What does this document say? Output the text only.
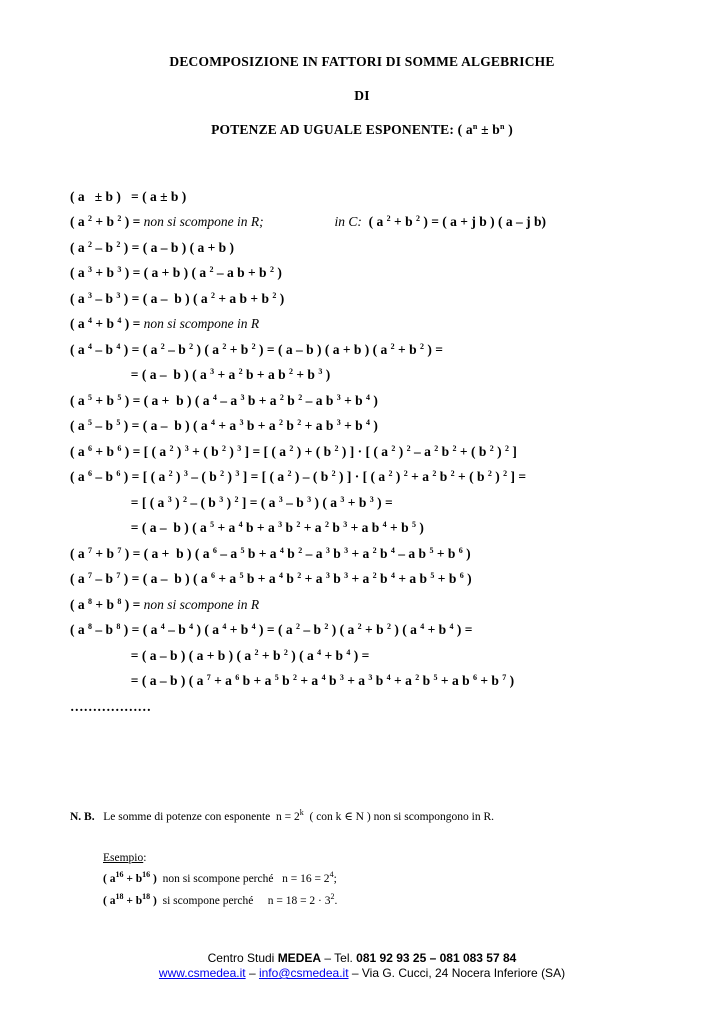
DECOMPOSIZIONE IN FATTORI DI SOMME ALGEBRICHE
DI
POTENZE AD UGUALE ESPONENTE: ( $a^n \pm b^n$ )
( a   ± b )   = ( a ± b )
( a $^2$ + b $^2$ ) = non si scompone in R;	in C:  ( a $^2$ + b $^2$ ) = ( a + j b ) ( a – j b)
( a $^2$ – b $^2$ ) = ( a – b ) ( a + b )
( a $^3$ + b $^3$ ) = ( a + b ) ( a $^2$ – a b + b $^2$ )
( a $^3$ – b $^3$ ) = ( a –  b ) ( a $^2$ + a b + b $^2$ )
( a $^4$ + b $^4$ ) = non si scompone in R
( a $^4$ – b $^4$ ) = ( a $^2$ – b $^2$ ) ( a $^2$ + b $^2$ ) = ( a – b ) ( a + b ) ( a $^2$ + b $^2$ ) =
= ( a –  b ) ( a $^3$ + a $^2$ b + a b $^2$ + b $^3$ )
( a $^5$ + b $^5$ ) = ( a +  b ) ( a $^4$ – a $^3$ b + a $^2$ b $^2$ – a b $^3$ + b $^4$ )
( a $^5$ – b $^5$ ) = ( a –  b ) ( a $^4$ + a $^3$ b + a $^2$ b $^2$ + a b $^3$ + b $^4$ )
( a $^6$ + b $^6$ ) = [ ( a $^2$ ) $^3$ + ( b $^2$ ) $^3$ ] = [ ( a $^2$ ) + ( b $^2$ ) ] · [ ( a $^2$ ) $^2$ – a $^2$ b $^2$ + ( b $^2$ ) $^2$ ]
( a $^6$ – b $^6$ ) = [ ( a $^2$ ) $^3$ – ( b $^2$ ) $^3$ ] = [ ( a $^2$ ) – ( b $^2$ ) ] · [ ( a $^2$ ) $^2$ + a $^2$ b $^2$ + ( b $^2$ ) $^2$ ] =
= [ ( a $^3$ ) $^2$ – ( b $^3$ ) $^2$ ] = ( a $^3$ – b $^3$ ) ( a $^3$ + b $^3$ ) =
= ( a –  b ) ( a $^5$ + a $^4$ b + a $^3$ b $^2$ + a $^2$ b $^3$ + a b $^4$ + b $^5$ )
( a $^7$ + b $^7$ ) = ( a +  b ) ( a $^6$ – a $^5$ b + a $^4$ b $^2$ – a $^3$ b $^3$ + a $^2$ b $^4$ – a b $^5$ + b $^6$ )
( a $^7$ – b $^7$ ) = ( a –  b ) ( a $^6$ + a $^5$ b + a $^4$ b $^2$ + a $^3$ b $^3$ + a $^2$ b $^4$ + a b $^5$ + b $^6$ )
( a $^8$ + b $^8$ ) = non si scompone in R
( a $^8$ – b $^8$ ) = ( a $^4$ – b $^4$ ) ( a $^4$ + b $^4$ ) = ( a $^2$ – b $^2$ ) ( a $^2$ + b $^2$ ) ( a $^4$ + b $^4$ ) =
= ( a – b ) ( a + b ) ( a $^2$ + b $^2$ ) ( a $^4$ + b $^4$ ) =
= ( a – b ) ( a $^7$ + a $^6$ b + a $^5$ b $^2$ + a $^4$ b $^3$ + a $^3$ b $^4$ + a $^2$ b $^5$ + a b $^6$ + b $^7$ )
………………
N. B.   Le somme di potenze con esponente  $n = 2^k$  ( con k ∈ N ) non si scompongono in R.
Esempio:
( $a^{16} + b^{16}$ )  non si scompone perché   $n = 16 = 2^4$;
( $a^{18} + b^{18}$ )  si scompone perché     $n = 18 = 2 \cdot 3^2$.
Centro Studi MEDEA – Tel. 081 92 93 25 – 081 083 57 84
www.csmedea.it – info@csmedea.it – Via G. Cucci, 24 Nocera Inferiore (SA)
